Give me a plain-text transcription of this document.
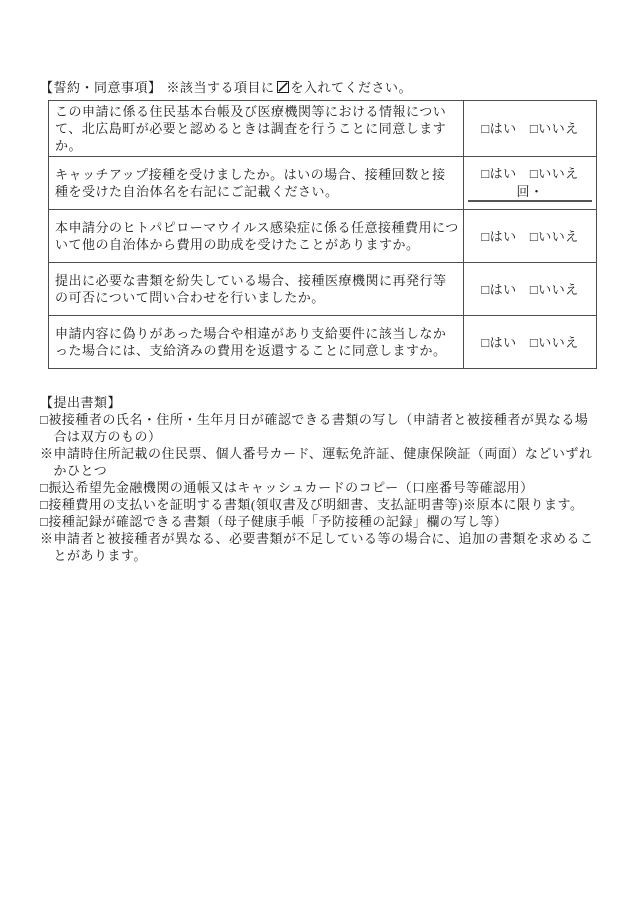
【誓約・同意事項】 ※該当する項目に を入れてください。
この申請に係る住民基本台帳及び医療機関等における情報について、北広島町が必要と認めるときは調査を行うことに同意しますか。	□はい □いいえ

キャッチアップ接種を受けましたか。はいの場合、接種回数と接種を受けた自治体名を右記にご記載ください。	□はい □いいえ
回・

本申請分のヒトパピローマウイルス感染症に係る任意接種費用について他の自治体から費用の助成を受けたことがありますか。	□はい □いいえ

提出に必要な書類を紛失している場合、接種医療機関に再発行等の可否について問い合わせを行いましたか。	□はい □いいえ

申請内容に偽りがあった場合や相違があり支給要件に該当しなかった場合には、支給済みの費用を返還することに同意しますか。	□はい □いいえ
【提出書類】
□被接種者の氏名・住所・生年月日が確認できる書類の写し（申請者と被接種者が異なる場合は双方のもの）
※申請時住所記載の住民票、個人番号カード、運転免許証、健康保険証（両面）などいずれかひとつ
□振込希望先金融機関の通帳又はキャッシュカードのコピー（口座番号等確認用）
□接種費用の支払いを証明する書類(領収書及び明細書、支払証明書等)※原本に限ります。
□接種記録が確認できる書類（母子健康手帳「予防接種の記録」欄の写し等）
※申請者と被接種者が異なる、必要書類が不足している等の場合に、追加の書類を求めることがあります。
